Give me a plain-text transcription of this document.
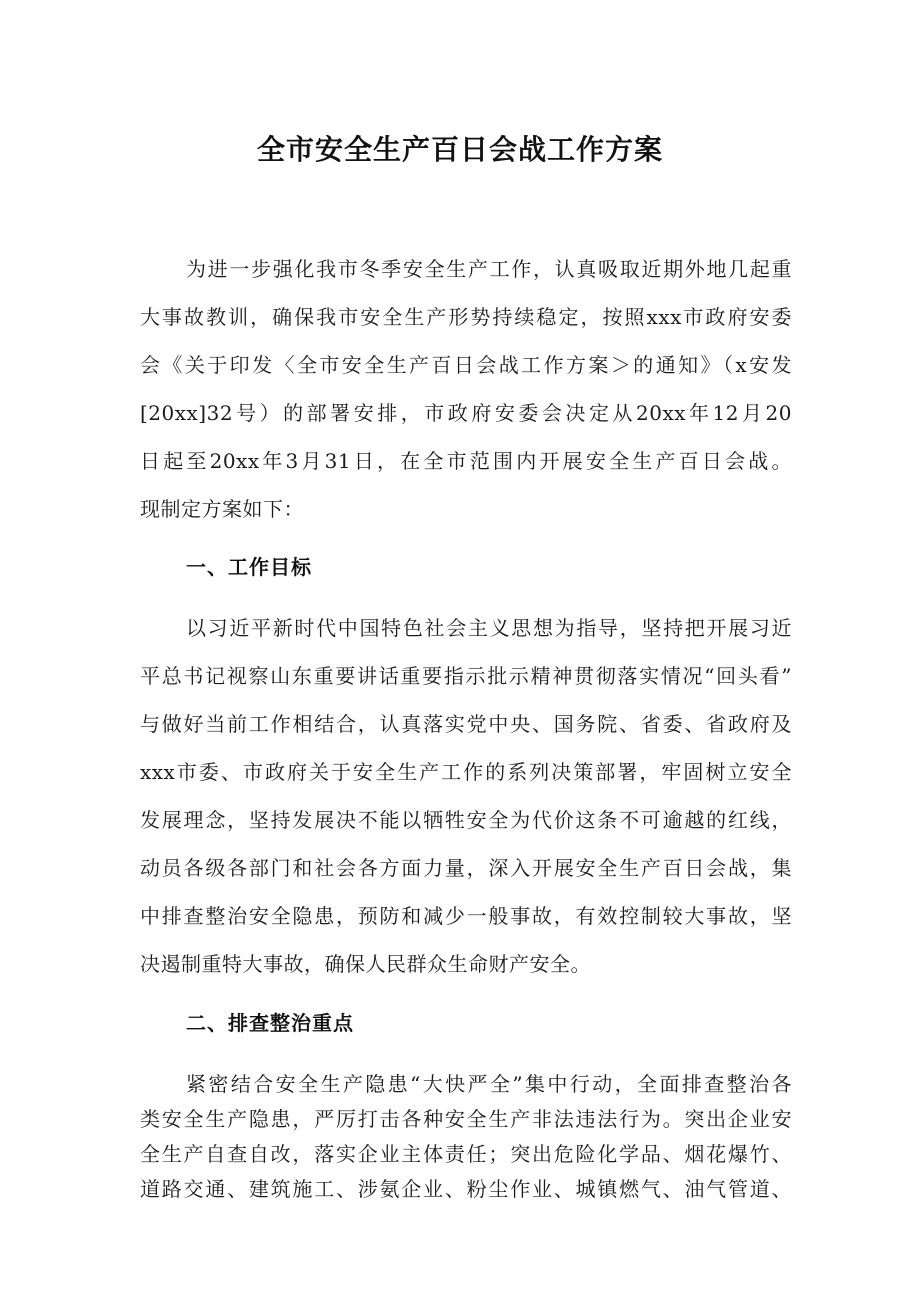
全市安全生产百日会战工作方案
为进一步强化我市冬季安全生产工作，认真吸取近期外地几起重
大事故教训，确保我市安全生产形势持续稳定，按照xxx市政府安委
会《关于印发〈全市安全生产百日会战工作方案＞的通知》（x安发
[20xx]32号）的部署安排，市政府安委会决定从20xx年12月20
日起至20xx年3月31日，在全市范围内开展安全生产百日会战。
现制定方案如下：
一、工作目标
以习近平新时代中国特色社会主义思想为指导，坚持把开展习近
平总书记视察山东重要讲话重要指示批示精神贯彻落实情况“回头看”
与做好当前工作相结合，认真落实党中央、国务院、省委、省政府及
xxx市委、市政府关于安全生产工作的系列决策部署，牢固树立安全
发展理念，坚持发展决不能以牺牲安全为代价这条不可逾越的红线，
动员各级各部门和社会各方面力量，深入开展安全生产百日会战，集
中排查整治安全隐患，预防和减少一般事故，有效控制较大事故，坚
决遏制重特大事故，确保人民群众生命财产安全。
二、排查整治重点
紧密结合安全生产隐患“大快严全”集中行动，全面排查整治各
类安全生产隐患，严厉打击各种安全生产非法违法行为。突出企业安
全生产自查自改，落实企业主体责任；突出危险化学品、烟花爆竹、
道路交通、建筑施工、涉氨企业、粉尘作业、城镇燃气、油气管道、
